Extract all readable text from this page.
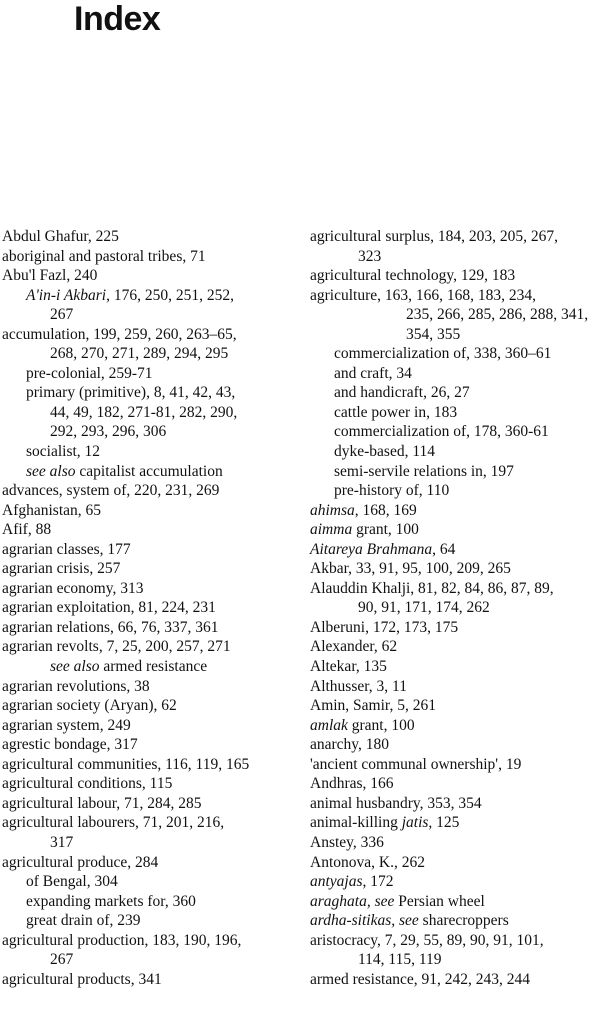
Index
Abdul Ghafur, 225
aboriginal and pastoral tribes, 71
Abu'l Fazl, 240
A'in-i Akbari, 176, 250, 251, 252,
267
accumulation, 199, 259, 260, 263–65,
268, 270, 271, 289, 294, 295
pre-colonial, 259-71
primary (primitive), 8, 41, 42, 43,
44, 49, 182, 271-81, 282, 290,
292, 293, 296, 306
socialist, 12
see also capitalist accumulation
advances, system of, 220, 231, 269
Afghanistan, 65
Afif, 88
agrarian classes, 177
agrarian crisis, 257
agrarian economy, 313
agrarian exploitation, 81, 224, 231
agrarian relations, 66, 76, 337, 361
agrarian revolts, 7, 25, 200, 257, 271
see also armed resistance
agrarian revolutions, 38
agrarian society (Aryan), 62
agrarian system, 249
agrestic bondage, 317
agricultural communities, 116, 119, 165
agricultural conditions, 115
agricultural labour, 71, 284, 285
agricultural labourers, 71, 201, 216,
317
agricultural produce, 284
of Bengal, 304
expanding markets for, 360
great drain of, 239
agricultural production, 183, 190, 196,
267
agricultural products, 341
agricultural surplus, 184, 203, 205, 267,
323
agricultural technology, 129, 183
agriculture, 163, 166, 168, 183, 234,
235, 266, 285, 286, 288, 341,
354, 355
commercialization of, 338, 360–61
and craft, 34
and handicraft, 26, 27
cattle power in, 183
commercialization of, 178, 360-61
dyke-based, 114
semi-servile relations in, 197
pre-history of, 110
ahimsa, 168, 169
aimma grant, 100
Aitareya Brahmana, 64
Akbar, 33, 91, 95, 100, 209, 265
Alauddin Khalji, 81, 82, 84, 86, 87, 89,
90, 91, 171, 174, 262
Alberuni, 172, 173, 175
Alexander, 62
Altekar, 135
Althusser, 3, 11
Amin, Samir, 5, 261
amlak grant, 100
anarchy, 180
'ancient communal ownership', 19
Andhras, 166
animal husbandry, 353, 354
animal-killing jatis, 125
Anstey, 336
Antonova, K., 262
antyajas, 172
araghata, see Persian wheel
ardha-sitikas, see sharecroppers
aristocracy, 7, 29, 55, 89, 90, 91, 101,
114, 115, 119
armed resistance, 91, 242, 243, 244
